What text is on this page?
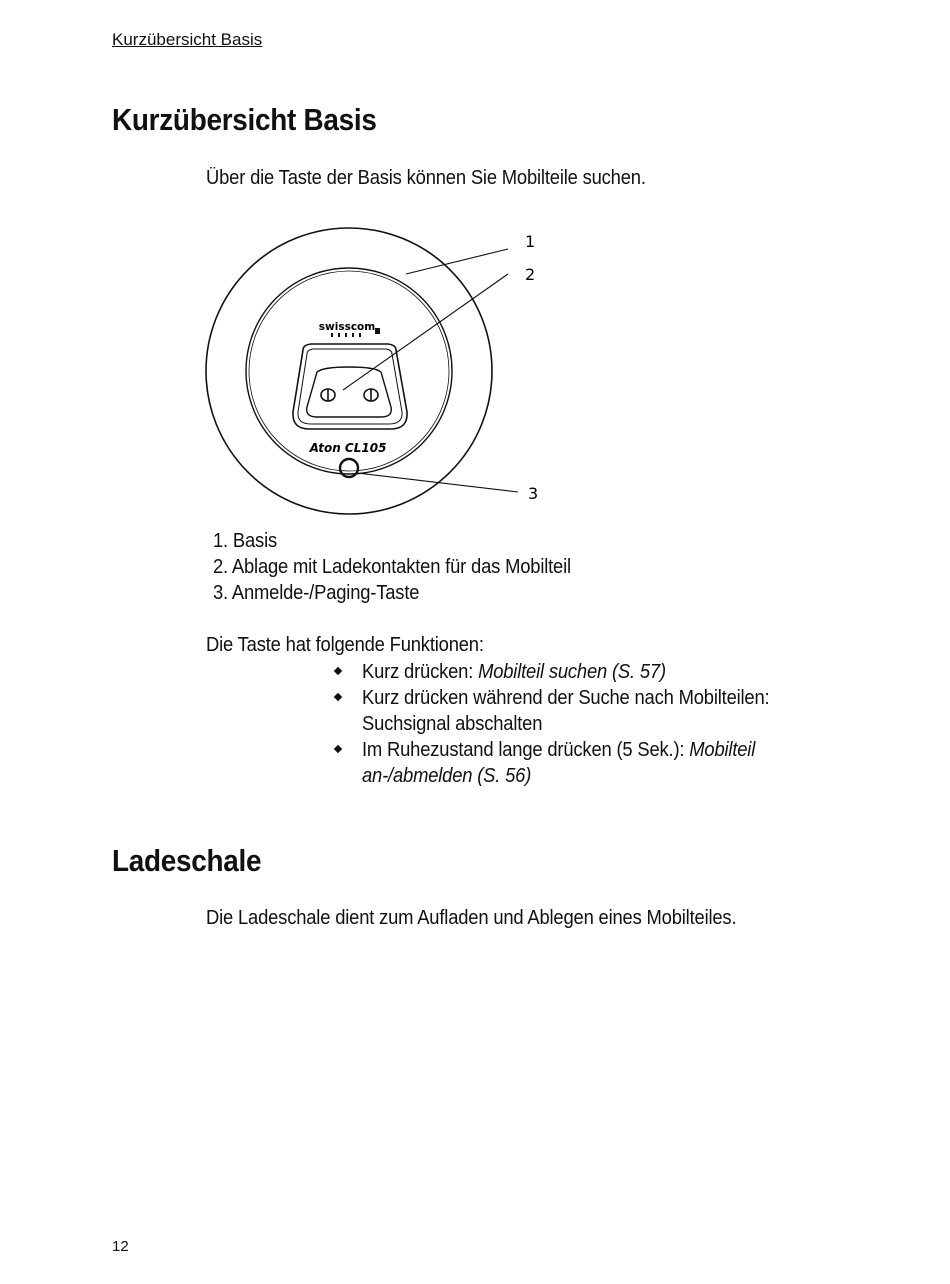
Kurzübersicht Basis
Kurzübersicht Basis

Über die Taste der Basis können Sie Mobilteile suchen.

swisscom
Aton CL105
1
2
3
1. Basis
2. Ablage mit Ladekontakten für das Mobilteil
3. Anmelde-/Paging-Taste

Die Taste hat folgende Funktionen:

Kurz drücken: Mobilteil suchen (S. 57)
Kurz drücken während der Suche nach Mobilteilen: Suchsignal abschalten
Im Ruhezustand lange drücken (5 Sek.): Mobilteil an-/abmelden (S. 56)
Ladeschale

Die Ladeschale dient zum Aufladen und Ablegen eines Mobilteiles.

12
